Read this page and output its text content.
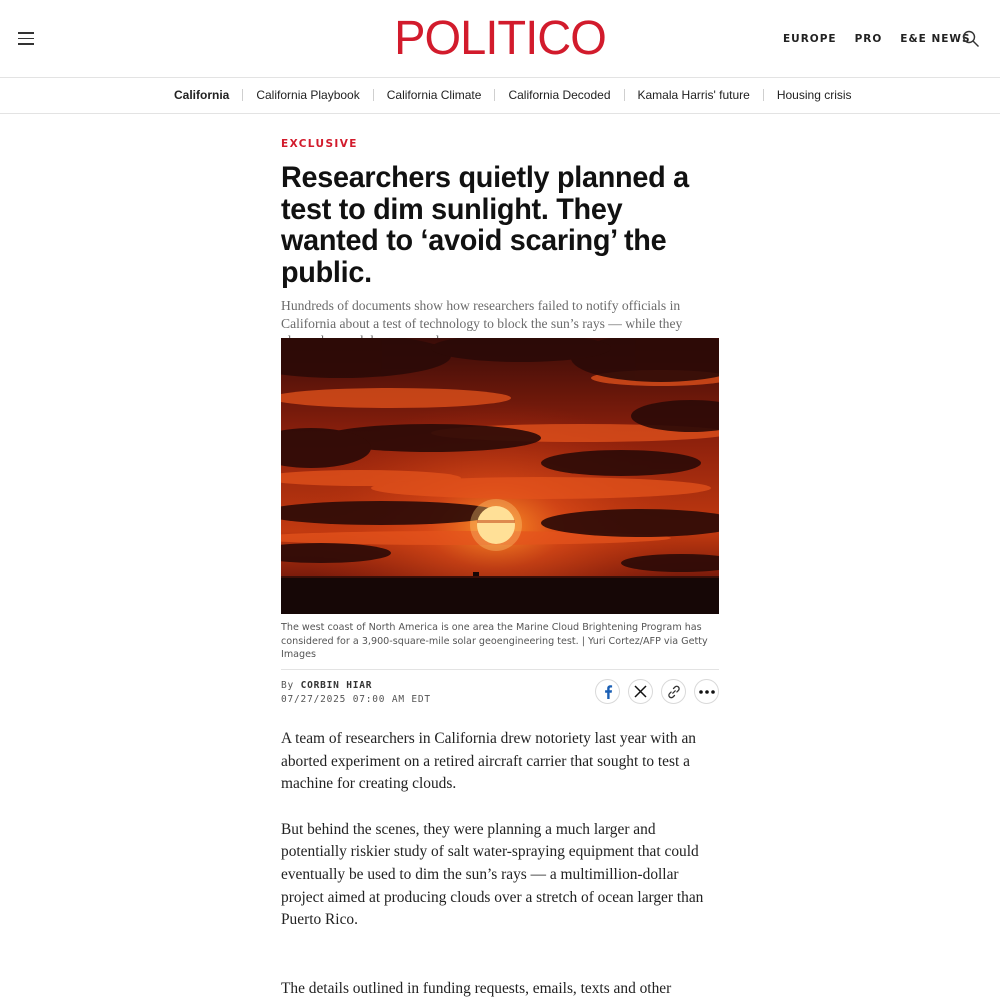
POLITICO	EUROPE PRO E&E NEWS
California California Playbook California Climate California Decoded Kamala Harris' future Housing crisis
EXCLUSIVE
Researchers quietly planned a test to dim sunlight. They wanted to ‘avoid scaring’ the public.

Hundreds of documents show how researchers failed to notify officials in California about a test of technology to block the sun’s rays — while they

The west coast of North America is one area the Marine Cloud Brightening Program has considered for a 3,900-square-mile solar geoengineering test. | Yuri Cortez/AFP via Getty Images
By CORBIN HIAR
07/27/2025 07:00 AM EDT

A team of researchers in California drew notoriety last year with an aborted experiment on a retired aircraft carrier that sought to test a machine for creating clouds.

But behind the scenes, they were planning a much larger and potentially riskier study of salt water-spraying equipment that could eventually be used to dim the sun’s rays — a multimillion-dollar project aimed at producing clouds over a stretch of ocean larger than Puerto Rico.

The details outlined in funding requests, emails, texts and other
